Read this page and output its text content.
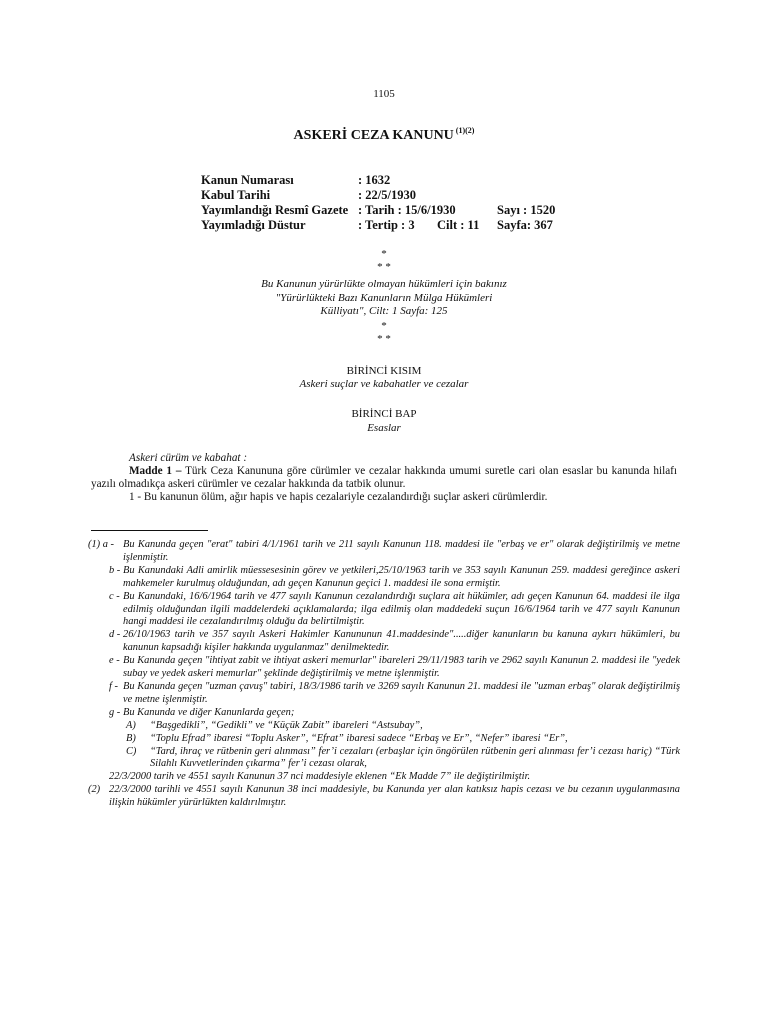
1105
ASKERİ CEZA KANUNU $^{(1)(2)}$
Kanun Numarası	: 1632
Kabul Tarihi	: 22/5/1930
Yayımlandığı Resmî Gazete : Tarih : 15/6/1930	Sayı : 1520
Yayımladığı Düstur	: Tertip : 3 Cilt : 11 Sayfa: 367
*
* *
Bu Kanunun yürürlükte olmayan hükümleri için bakınız
"Yürürlükteki Bazı Kanunların Mülga Hükümleri
Külliyatı", Cilt: 1 Sayfa: 125
*
* *
BİRİNCİ KISIM
Askeri suçlar ve kabahatler ve cezalar
BİRİNCİ BAP
Esaslar
Askeri cürüm ve kabahat :
Madde 1 – Türk Ceza Kanununa göre cürümler ve cezalar hakkında umumi suretle cari olan esaslar bu kanunda hilafı yazılı olmadıkça askeri cürümler ve cezalar hakkında da tatbik olunur.
1 - Bu kanunun ölüm, ağır hapis ve hapis cezalariyle cezalandırdığı suçlar askeri cürümlerdir.
(1) a - Bu Kanunda geçen "erat" tabiri 4/1/1961 tarih ve 211 sayılı Kanunun 118. maddesi ile "erbaş ve er" olarak değiştirilmiş ve metne işlenmiştir.
b - Bu Kanundaki Adli amirlik müessesesinin görev ve yetkileri,25/10/1963 tarih ve 353 sayılı Kanunun 259. maddesi gereğince askeri mahkemeler kurulmuş olduğundan, adı geçen Kanunun geçici 1. maddesi ile sona ermiştir.
c - Bu Kanundaki, 16/6/1964 tarih ve 477 sayılı Kanunun cezalandırdığı suçlara ait hükümler, adı geçen Kanunun 64. maddesi ile ilga edilmiş olduğundan ilgili maddelerdeki açıklamalarda; ilga edilmiş olan maddedeki suçun 16/6/1964 tarih ve 477 sayılı Kanunun hangi maddesi ile cezalandırılmış olduğu da belirtilmiştir.
d - 26/10/1963 tarih ve 357 sayılı Askeri Hakimler Kanununun 41.maddesinde".....diğer kanunların bu kanuna aykırı hükümleri, bu kanunun kapsadığı kişiler hakkında uygulanmaz" denilmektedir.
e - Bu Kanunda geçen "ihtiyat zabit ve ihtiyat askeri memurlar" ibareleri 29/11/1983 tarih ve 2962 sayılı Kanunun 2. maddesi ile "yedek subay ve yedek askeri memurlar" şeklinde değiştirilmiş ve metne işlenmiştir.
f - Bu Kanunda geçen "uzman çavuş" tabiri, 18/3/1986 tarih ve 3269 sayılı Kanunun 21. maddesi ile "uzman erbaş" olarak değiştirilmiş ve metne işlenmiştir.
g - Bu Kanunda ve diğer Kanunlarda geçen;
A)	“Başgedikli”, “Gedikli” ve “Küçük Zabit” ibareleri “Astsubay”,
B)	“Toplu Efrad” ibaresi “Toplu Asker”, “Efrat” ibaresi sadece “Erbaş ve Er”, “Nefer” ibaresi “Er”,
C)	“Tard, ihraç ve rütbenin geri alınması” fer’i cezaları (erbaşlar için öngörülen rütbenin geri alınması fer’i cezası hariç) “Türk Silahlı Kuvvetlerinden çıkarma” fer’i cezası olarak,
22/3/2000 tarih ve 4551 sayılı Kanunun 37 nci maddesiyle eklenen “Ek Madde 7” ile değiştirilmiştir.
(2) 22/3/2000 tarihli ve 4551 sayılı Kanunun 38 inci maddesiyle, bu Kanunda yer alan katıksız hapis cezası ve bu cezanın uygulanmasına ilişkin hükümler yürürlükten kaldırılmıştır.
